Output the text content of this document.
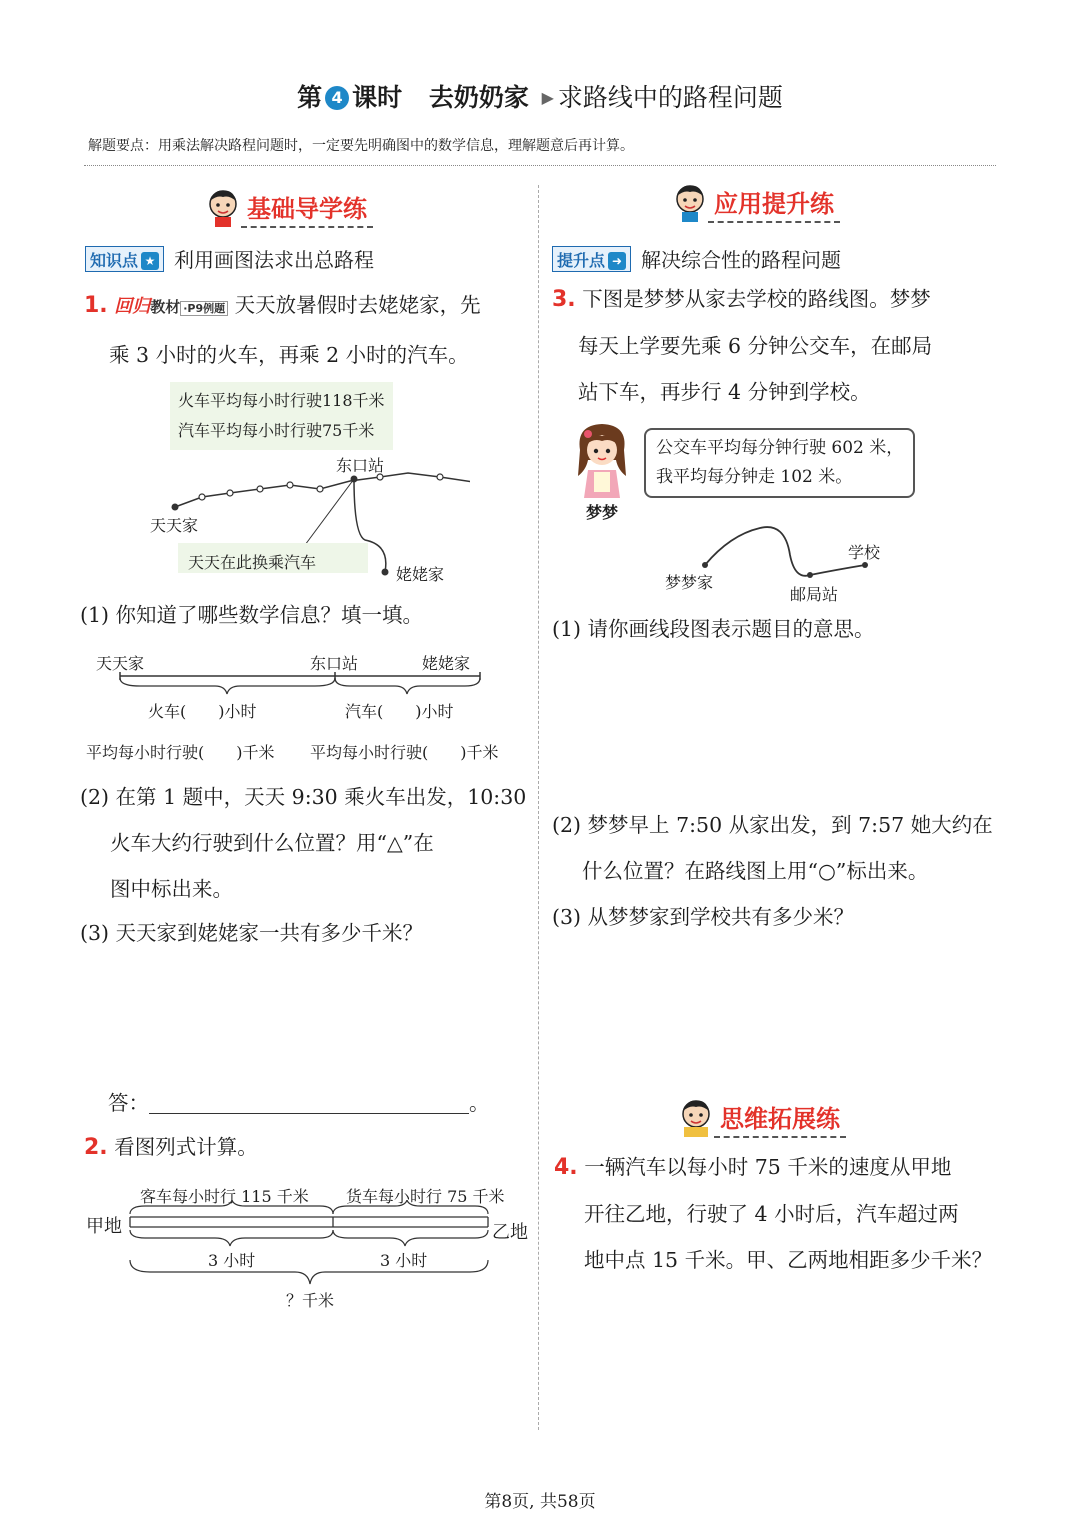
第 4 课时 去奶奶家 ▶ 求路线中的路程问题
解题要点：用乘法解决路程问题时，一定要先明确图中的数学信息，理解题意后再计算。
基础导学练
知识点 ★ 利用画图法求出总路程
1. 回归教材 ·P9例题 天天放暑假时去姥姥家，先
乘 3 小时的火车，再乘 2 小时的汽车。
火车平均每小时行驶118千米
汽车平均每小时行驶75千米
东口站
天天家
天天在此换乘汽车
姥姥家
(1) 你知道了哪些数学信息？填一填。
天天家	东口站	姥姥家
火车(　　)小时	汽车(　　)小时
平均每小时行驶(　　)千米 平均每小时行驶(　　)千米
(2) 在第 1 题中，天天 9:30 乘火车出发，10:30
火车大约行驶到什么位置？用“△”在
图中标出来。
(3) 天天家到姥姥家一共有多少千米？
答：	。
2. 看图列式计算。
客车每小时行 115 千米 货车每小时行 75 千米
甲地	乙地
3 小时	3 小时
？千米
应用提升练
提升点 ➜ 解决综合性的路程问题
3. 下图是梦梦从家去学校的路线图。梦梦
每天上学要先乘 6 分钟公交车，在邮局
站下车，再步行 4 分钟到学校。
梦梦
公交车平均每分钟行驶 602 米，
我平均每分钟走 102 米。
梦梦家
邮局站
学校
(1) 请你画线段图表示题目的意思。
(2) 梦梦早上 7:50 从家出发，到 7:57 她大约在
什么位置？在路线图上用“○”标出来。
(3) 从梦梦家到学校共有多少米？
思维拓展练
4. 一辆汽车以每小时 75 千米的速度从甲地
开往乙地，行驶了 4 小时后，汽车超过两
地中点 15 千米。甲、乙两地相距多少千米？
第8页, 共58页
